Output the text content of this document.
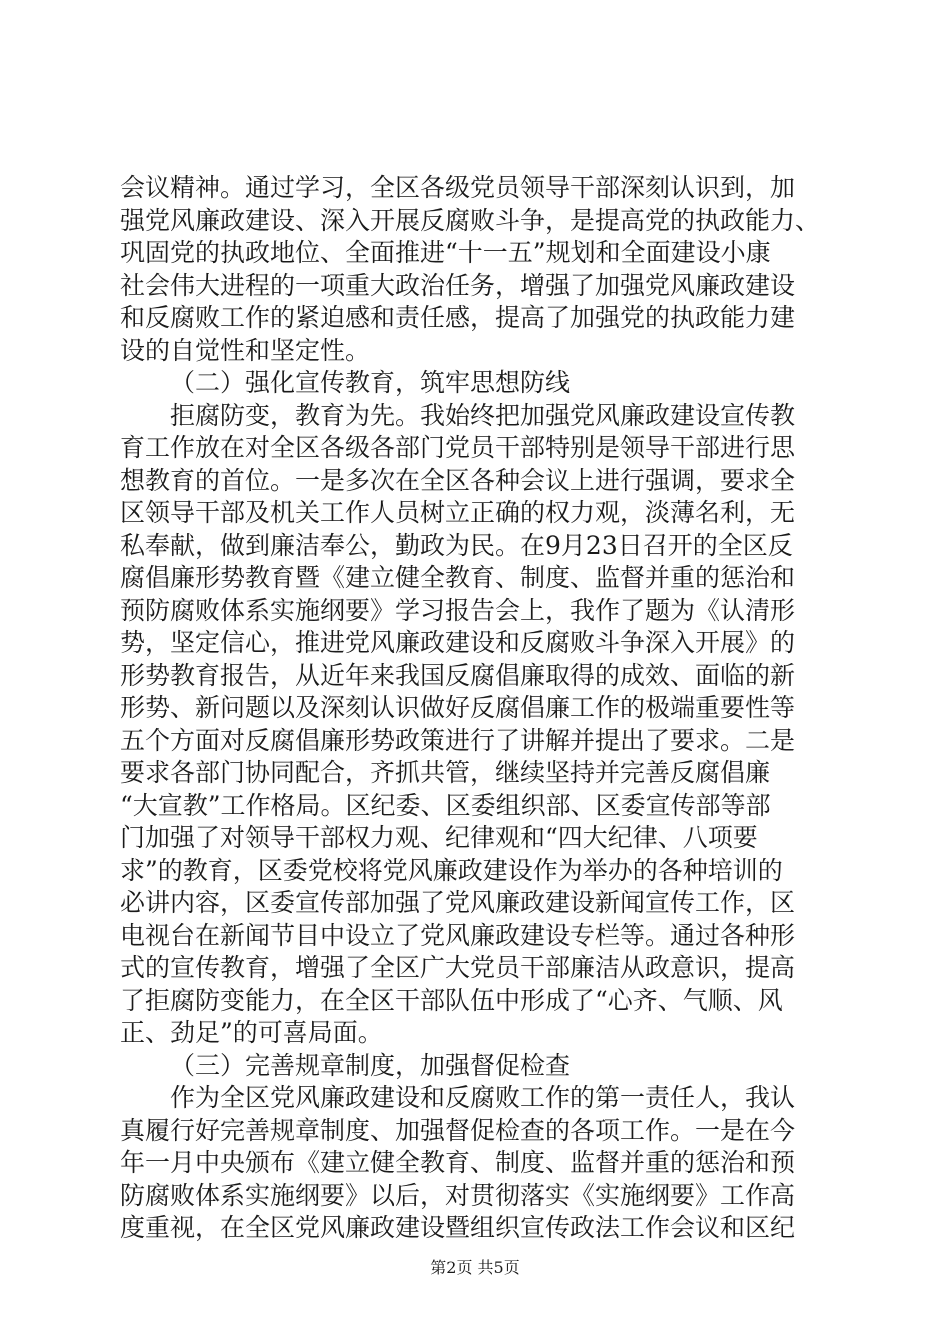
会议精神。通过学习，全区各级党员领导干部深刻认识到，加
强党风廉政建设、深入开展反腐败斗争，是提高党的执政能力、
巩固党的执政地位、全面推进“十一五”规划和全面建设小康
社会伟大进程的一项重大政治任务，增强了加强党风廉政建设
和反腐败工作的紧迫感和责任感，提高了加强党的执政能力建
设的自觉性和坚定性。
（二）强化宣传教育，筑牢思想防线
拒腐防变，教育为先。我始终把加强党风廉政建设宣传教
育工作放在对全区各级各部门党员干部特别是领导干部进行思
想教育的首位。一是多次在全区各种会议上进行强调，要求全
区领导干部及机关工作人员树立正确的权力观，淡薄名利，无
私奉献，做到廉洁奉公，勤政为民。在9月23日召开的全区反
腐倡廉形势教育暨《建立健全教育、制度、监督并重的惩治和
预防腐败体系实施纲要》学习报告会上，我作了题为《认清形
势，坚定信心，推进党风廉政建设和反腐败斗争深入开展》的
形势教育报告，从近年来我国反腐倡廉取得的成效、面临的新
形势、新问题以及深刻认识做好反腐倡廉工作的极端重要性等
五个方面对反腐倡廉形势政策进行了讲解并提出了要求。二是
要求各部门协同配合，齐抓共管，继续坚持并完善反腐倡廉
“大宣教”工作格局。区纪委、区委组织部、区委宣传部等部
门加强了对领导干部权力观、纪律观和“四大纪律、八项要
求”的教育，区委党校将党风廉政建设作为举办的各种培训的
必讲内容，区委宣传部加强了党风廉政建设新闻宣传工作，区
电视台在新闻节目中设立了党风廉政建设专栏等。通过各种形
式的宣传教育，增强了全区广大党员干部廉洁从政意识，提高
了拒腐防变能力，在全区干部队伍中形成了“心齐、气顺、风
正、劲足”的可喜局面。
（三）完善规章制度，加强督促检查
作为全区党风廉政建设和反腐败工作的第一责任人，我认
真履行好完善规章制度、加强督促检查的各项工作。一是在今
年一月中央颁布《建立健全教育、制度、监督并重的惩治和预
防腐败体系实施纲要》以后，对贯彻落实《实施纲要》工作高
度重视，在全区党风廉政建设暨组织宣传政法工作会议和区纪
第2页 共5页
